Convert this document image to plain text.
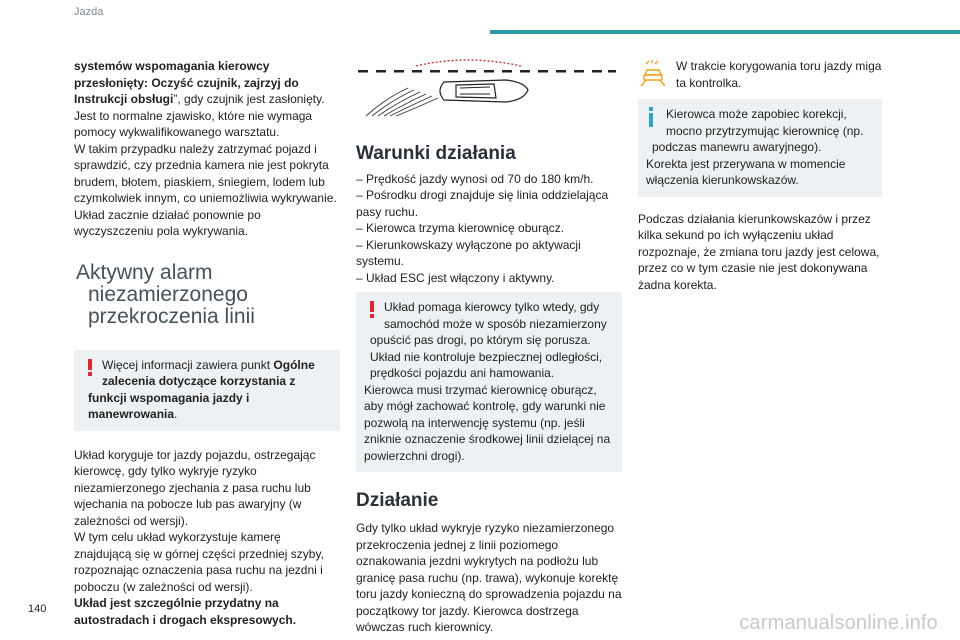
Jazda

systemów wspomagania kierowcy przesłonięty: Oczyść czujnik, zajrzyj do Instrukcji obsługi”, gdy czujnik jest zasłonięty.

Jest to normalne zjawisko, które nie wymaga pomocy wykwalifikowanego warsztatu.

W takim przypadku należy zatrzymać pojazd i sprawdzić, czy przednia kamera nie jest pokryta brudem, błotem, piaskiem, śniegiem, lodem lub czymkolwiek innym, co uniemożliwia wykrywanie.

Układ zacznie działać ponownie po wyczyszczeniu pola wykrywania.

Aktywny alarm
niezamierzonego
przekroczenia linii

Więcej informacji zawiera punkt Ogólne zalecenia dotyczące korzystania z funkcji wspomagania jazdy i manewrowania.

Układ koryguje tor jazdy pojazdu, ostrzegając kierowcę, gdy tylko wykryje ryzyko niezamierzonego zjechania z pasa ruchu lub wjechania na pobocze lub pas awaryjny (w zależności od wersji).

W tym celu układ wykorzystuje kamerę znajdującą się w górnej części przedniej szyby, rozpoznając oznaczenia pasa ruchu na jezdni i poboczu (w zależności od wersji).

Układ jest szczególnie przydatny na autostradach i drogach ekspresowych.

Warunki działania

– Prędkość jazdy wynosi od 70 do 180 km/h.

– Pośrodku drogi znajduje się linia oddzielająca pasy ruchu.

– Kierowca trzyma kierownicę oburącz.

– Kierunkowskazy wyłączone po aktywacji systemu.

– Układ ESC jest włączony i aktywny.

Układ pomaga kierowcy tylko wtedy, gdy samochód może w sposób niezamierzony opuścić pas drogi, po którym się porusza. Układ nie kontroluje bezpiecznej odległości, prędkości pojazdu ani hamowania.

Kierowca musi trzymać kierownicę oburącz, aby mógł zachować kontrolę, gdy warunki nie pozwolą na interwencję systemu (np. jeśli zniknie oznaczenie środkowej linii dzielącej na powierzchni drogi).

Działanie

Gdy tylko układ wykryje ryzyko niezamierzonego przekroczenia jednej z linii poziomego oznakowania jezdni wykrytych na podłożu lub granicę pasa ruchu (np. trawa), wykonuje korektę toru jazdy konieczną do sprowadzenia pojazdu na początkowy tor jazdy. Kierowca dostrzega wówczas ruch kierownicy.

W trakcie korygowania toru jazdy miga ta kontrolka.

Kierowca może zapobiec korekcji, mocno przytrzymując kierownicę (np. podczas manewru awaryjnego).

Korekta jest przerywana w momencie włączenia kierunkowskazów.

Podczas działania kierunkowskazów i przez kilka sekund po ich wyłączeniu układ rozpoznaje, że zmiana toru jazdy jest celowa, przez co w tym czasie nie jest dokonywana żadna korekta.

140
carmanualsonline.info
